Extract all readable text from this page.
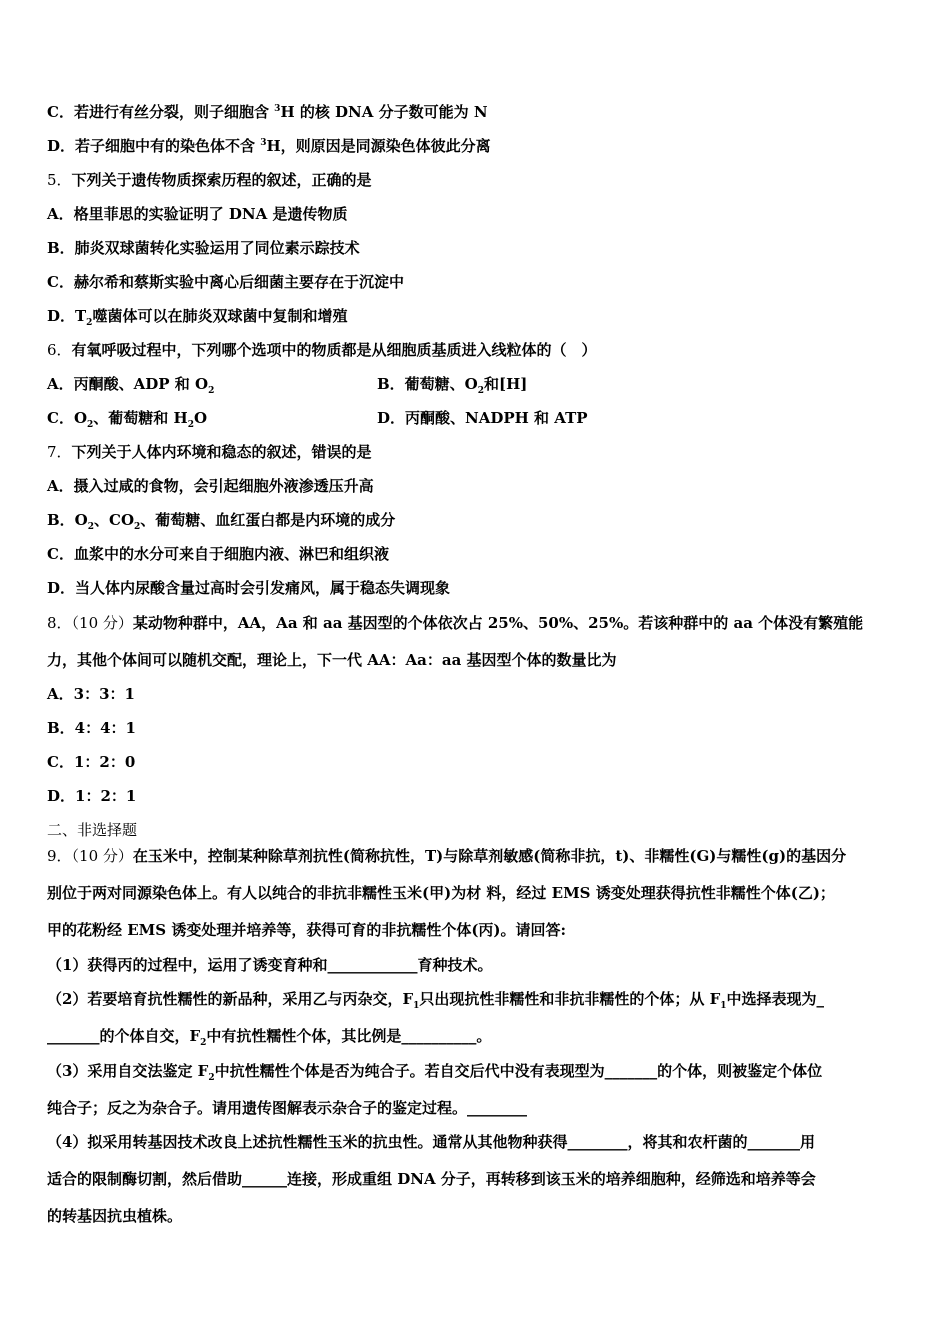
C．若进行有丝分裂，则子细胞含 $^3$H 的核 DNA 分子数可能为 N
D．若子细胞中有的染色体不含 $^3$H，则原因是同源染色体彼此分离
5．下列关于遗传物质探索历程的叙述，正确的是
A．格里菲思的实验证明了 DNA 是遗传物质
B．肺炎双球菌转化实验运用了同位素示踪技术
C．赫尔希和蔡斯实验中离心后细菌主要存在于沉淀中
D．$T_2$噬菌体可以在肺炎双球菌中复制和增殖
6．有氧呼吸过程中，下列哪个选项中的物质都是从细胞质基质进入线粒体的（　）
A．丙酮酸、ADP 和 $O_2$	B．葡萄糖、$O_2$和[H]
C．$O_2$、葡萄糖和 $H_2O$	D．丙酮酸、NADPH 和 ATP
7．下列关于人体内环境和稳态的叙述，错误的是
A．摄入过咸的食物，会引起细胞外液渗透压升高
B．$O_2$、$CO_2$、葡萄糖、血红蛋白都是内环境的成分
C．血浆中的水分可来自于细胞内液、淋巴和组织液
D．当人体内尿酸含量过高时会引发痛风，属于稳态失调现象
8．（10 分）某动物种群中，AA，Aa 和 aa 基因型的个体依次占 25%、50%、25%。若该种群中的 aa 个体没有繁殖能
力，其他个体间可以随机交配，理论上，下一代 AA：Aa：aa 基因型个体的数量比为
A．3：3：1
B．4：4：1
C．1：2：0
D．1：2：1
二、非选择题
9．（10 分）在玉米中，控制某种除草剂抗性(简称抗性，T)与除草剂敏感(简称非抗，t)、非糯性(G)与糯性(g)的基因分
别位于两对同源染色体上。有人以纯合的非抗非糯性玉米(甲)为材 料，经过 EMS 诱变处理获得抗性非糯性个体(乙)；
甲的花粉经 EMS 诱变处理并培养等，获得可育的非抗糯性个体(丙)。请回答:
（1）获得丙的过程中，运用了诱变育种和____________育种技术。
（2）若要培育抗性糯性的新品种，采用乙与丙杂交，$F_1$只出现抗性非糯性和非抗非糯性的个体；从 $F_1$中选择表现为_
_______的个体自交，$F_2$中有抗性糯性个体，其比例是__________。
（3）采用自交法鉴定 $F_2$中抗性糯性个体是否为纯合子。若自交后代中没有表现型为_______的个体，则被鉴定个体位
纯合子；反之为杂合子。请用遗传图解表示杂合子的鉴定过程。________
（4）拟采用转基因技术改良上述抗性糯性玉米的抗虫性。通常从其他物种获得________，将其和农杆菌的_______用
适合的限制酶切割，然后借助______连接，形成重组 DNA 分子，再转移到该玉米的培养细胞种，经筛选和培养等会
的转基因抗虫植株。
